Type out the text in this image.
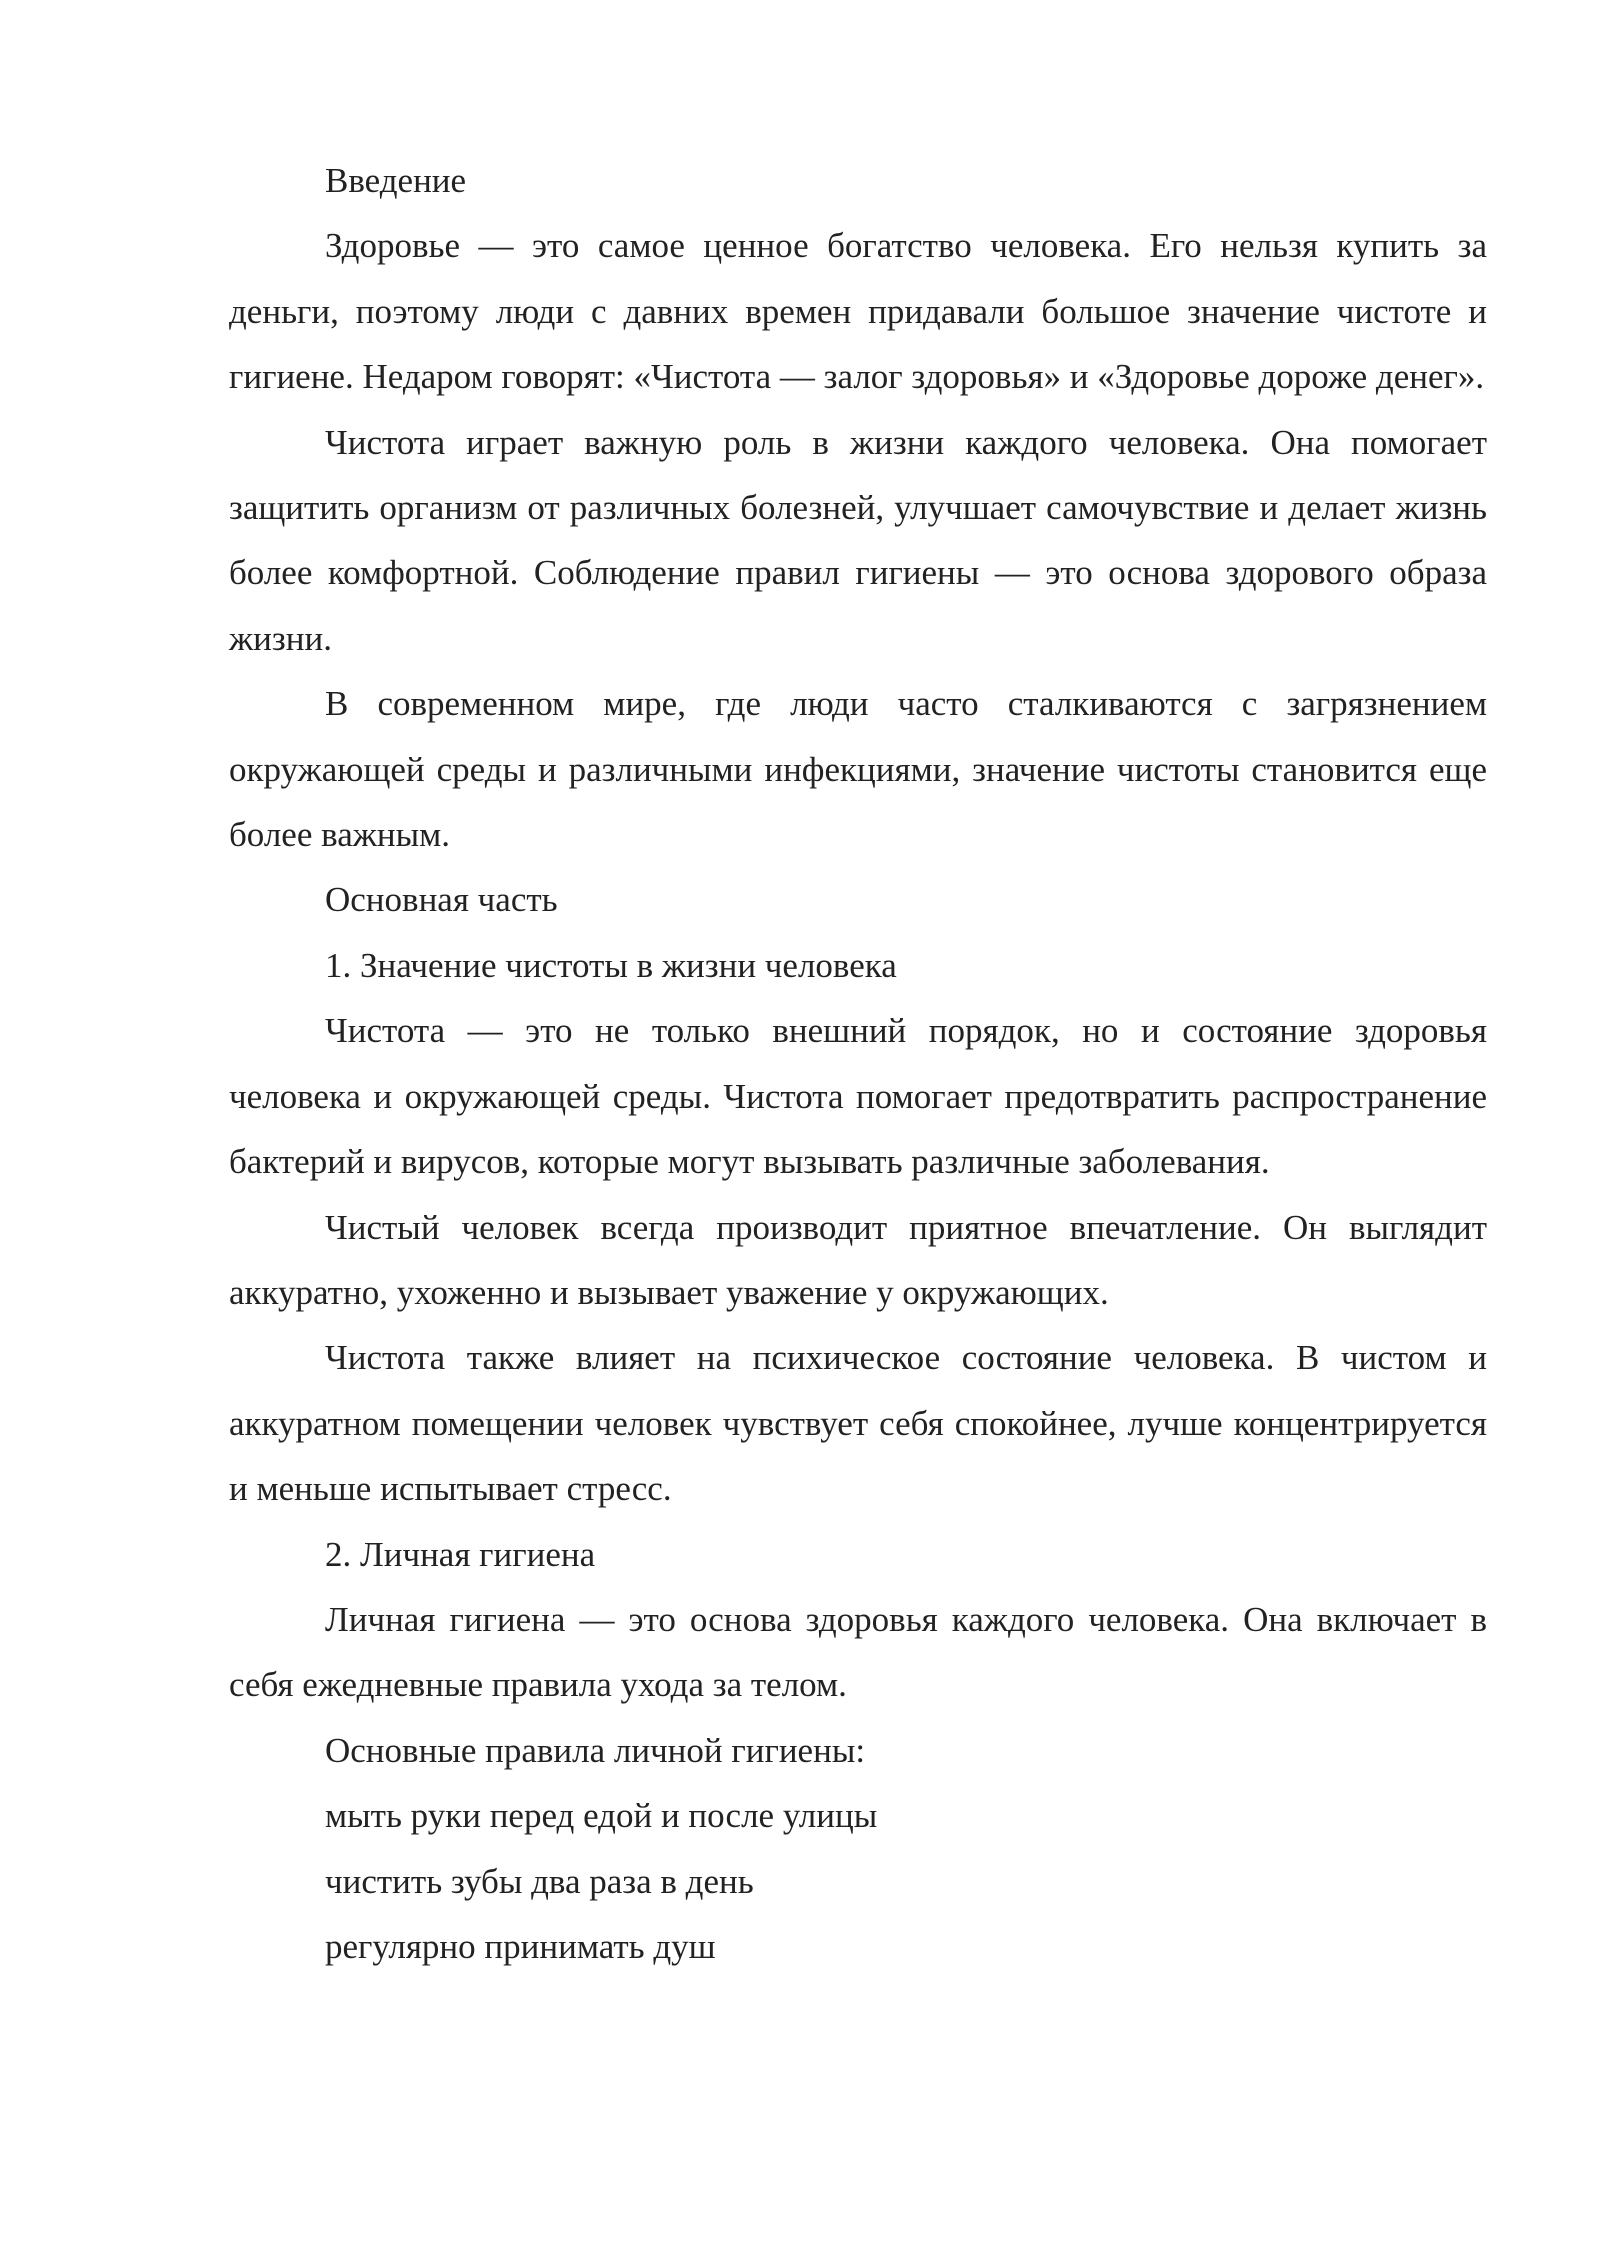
Введение

Здоровье — это самое ценное богатство человека. Его нельзя купить за деньги, поэтому люди с давних времен придавали большое значение чистоте и гигиене. Недаром говорят: «Чистота — залог здоровья» и «Здоровье дороже денег».

Чистота играет важную роль в жизни каждого человека. Она помогает защитить организм от различных болезней, улучшает самочувствие и делает жизнь более комфортной. Соблюдение правил гигиены — это основа здорового образа жизни.

В современном мире, где люди часто сталкиваются с загрязнением окружающей среды и различными инфекциями, значение чистоты становится еще более важным.

Основная часть

1. Значение чистоты в жизни человека

Чистота — это не только внешний порядок, но и состояние здоровья человека и окружающей среды. Чистота помогает предотвратить распространение бактерий и вирусов, которые могут вызывать различные заболевания.

Чистый человек всегда производит приятное впечатление. Он выглядит аккуратно, ухоженно и вызывает уважение у окружающих.

Чистота также влияет на психическое состояние человека. В чистом и аккуратном помещении человек чувствует себя спокойнее, лучше концентрируется и меньше испытывает стресс.

2. Личная гигиена

Личная гигиена — это основа здоровья каждого человека. Она включает в себя ежедневные правила ухода за телом.

Основные правила личной гигиены:

мыть руки перед едой и после улицы

чистить зубы два раза в день

регулярно принимать душ
